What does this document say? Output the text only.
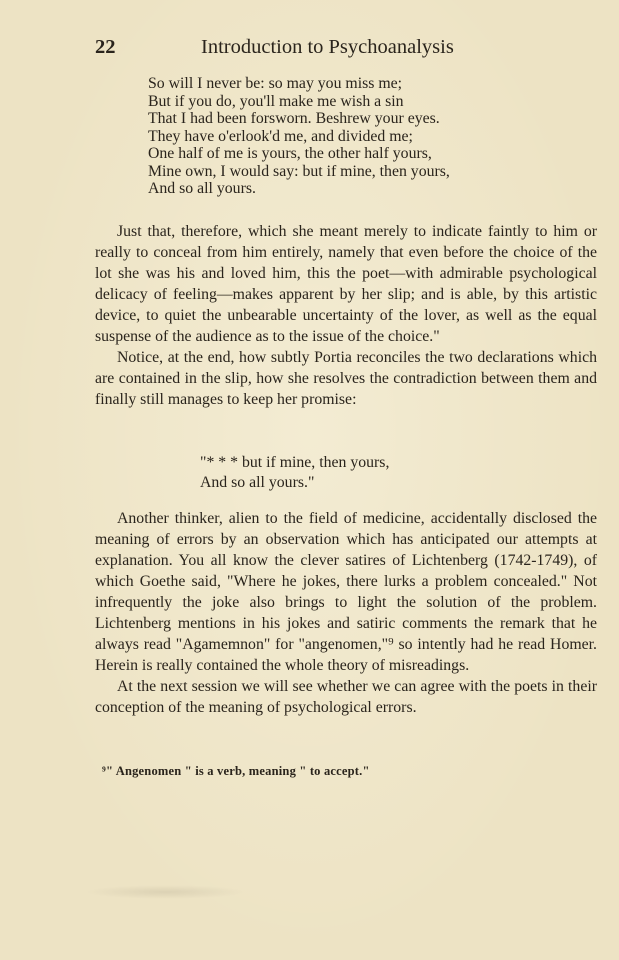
22	Introduction to Psychoanalysis
So will I never be: so may you miss me;
But if you do, you'll make me wish a sin
That I had been forsworn. Beshrew your eyes.
They have o'erlook'd me, and divided me;
One half of me is yours, the other half yours,
Mine own, I would say: but if mine, then yours,
And so all yours.

Just that, therefore, which she meant merely to indicate faintly to him or really to conceal from him entirely, namely that even before the choice of the lot she was his and loved him, this the poet—with admirable psychological delicacy of feeling—makes apparent by her slip; and is able, by this artistic device, to quiet the unbearable uncertainty of the lover, as well as the equal suspense of the audience as to the issue of the choice."

Notice, at the end, how subtly Portia reconciles the two declarations which are contained in the slip, how she resolves the contradiction between them and finally still manages to keep her promise:

"* * * but if mine, then yours,
And so all yours."

Another thinker, alien to the field of medicine, accidentally disclosed the meaning of errors by an observation which has anticipated our attempts at explanation. You all know the clever satires of Lichtenberg (1742-1749), of which Goethe said, "Where he jokes, there lurks a problem concealed." Not infrequently the joke also brings to light the solution of the problem. Lichtenberg mentions in his jokes and satiric comments the remark that he always read "Agamemnon" for "angenomen,"⁹ so intently had he read Homer. Herein is really contained the whole theory of misreadings.

At the next session we will see whether we can agree with the poets in their conception of the meaning of psychological errors.

⁹" Angenomen " is a verb, meaning " to accept."
